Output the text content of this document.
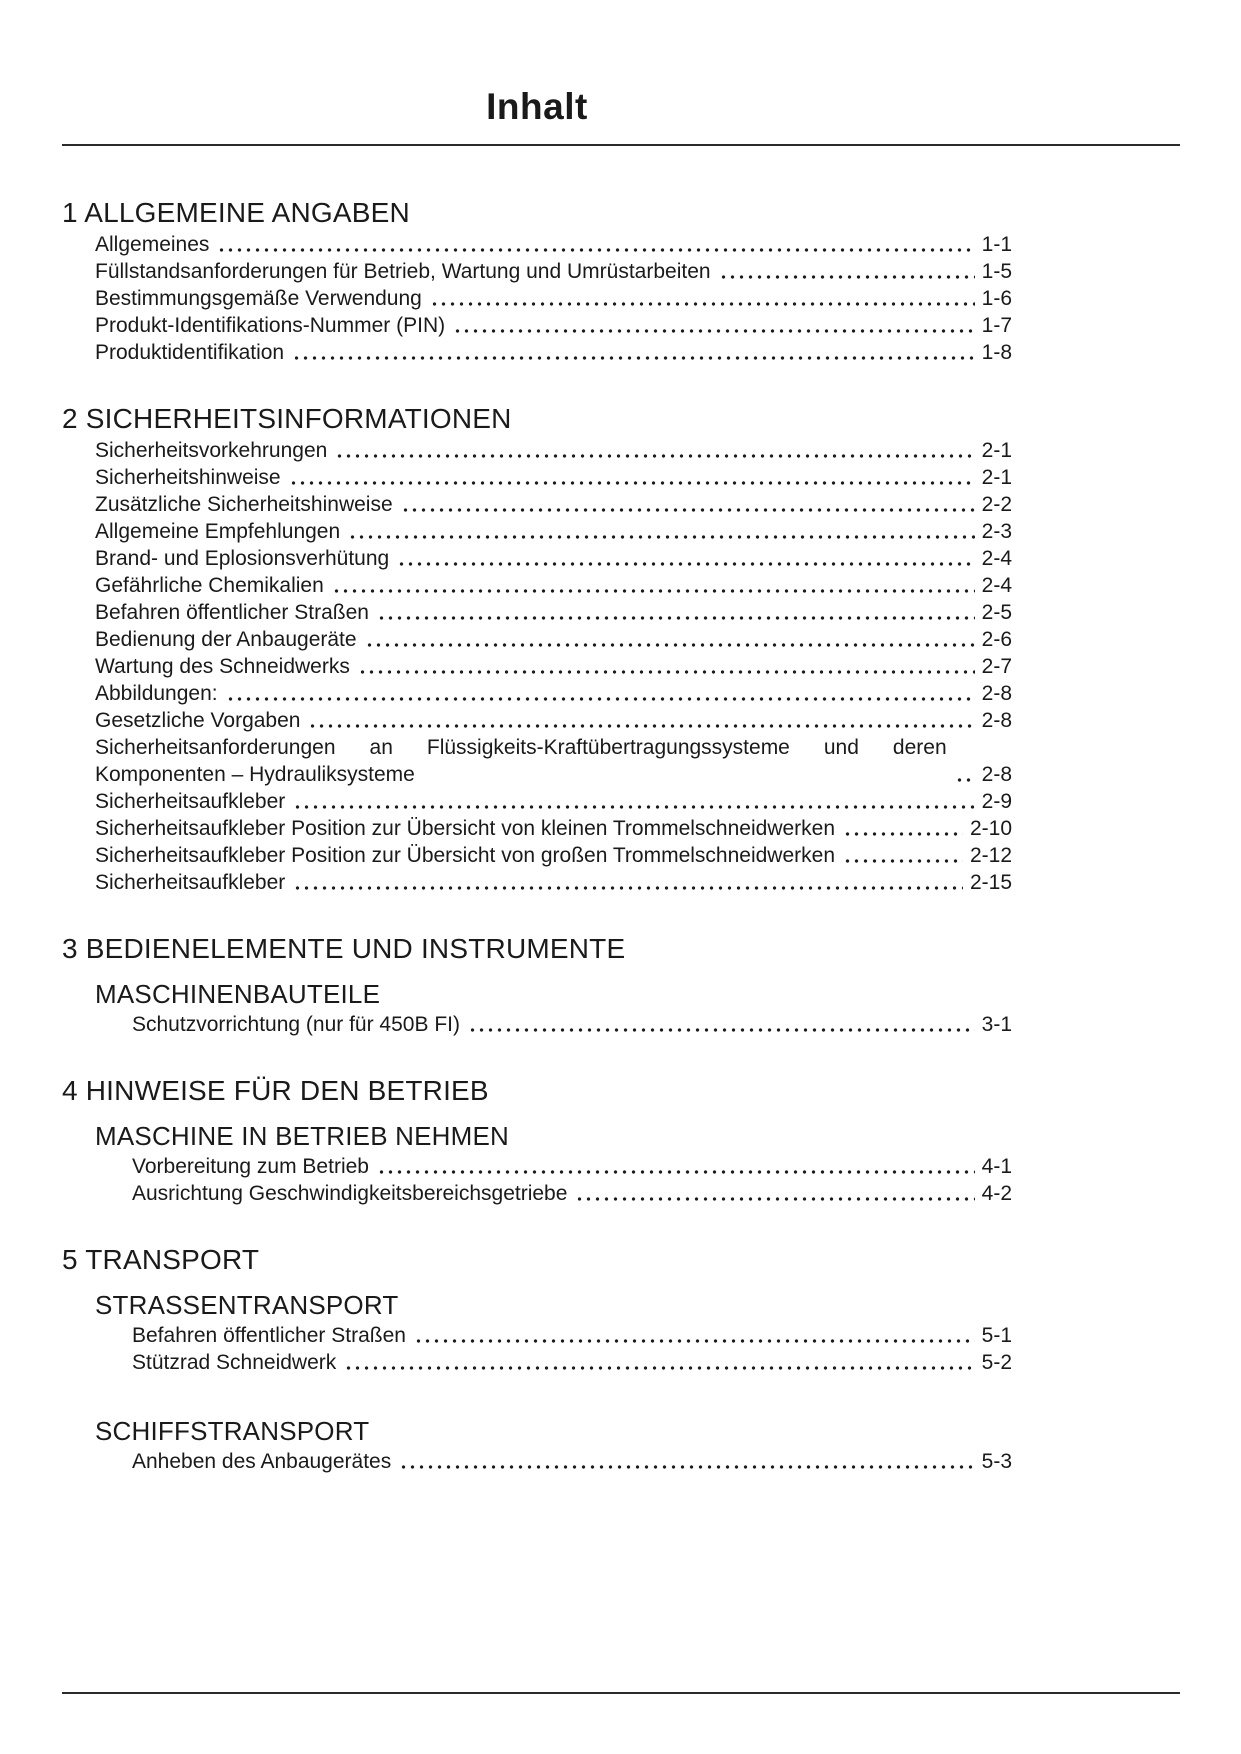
Inhalt
1 ALLGEMEINE ANGABEN
Allgemeines	1-1
Füllstandsanforderungen für Betrieb, Wartung und Umrüstarbeiten	1-5
Bestimmungsgemäße Verwendung	1-6
Produkt-Identifikations-Nummer (PIN)	1-7
Produktidentifikation	1-8
2 SICHERHEITSINFORMATIONEN
Sicherheitsvorkehrungen	2-1
Sicherheitshinweise	2-1
Zusätzliche Sicherheitshinweise	2-2
Allgemeine Empfehlungen	2-3
Brand- und Eplosionsverhütung	2-4
Gefährliche Chemikalien	2-4
Befahren öffentlicher Straßen	2-5
Bedienung der Anbaugeräte	2-6
Wartung des Schneidwerks	2-7
Abbildungen:	2-8
Gesetzliche Vorgaben	2-8
Sicherheitsanforderungen an Flüssigkeits-Kraftübertragungssysteme und deren Komponenten – Hydrauliksysteme	2-8
Sicherheitsaufkleber	2-9
Sicherheitsaufkleber Position zur Übersicht von kleinen Trommelschneidwerken	2-10
Sicherheitsaufkleber Position zur Übersicht von großen Trommelschneidwerken	2-12
Sicherheitsaufkleber	2-15
3 BEDIENELEMENTE UND INSTRUMENTE
MASCHINENBAUTEILE
Schutzvorrichtung (nur für 450B FI)	3-1
4 HINWEISE FÜR DEN BETRIEB
MASCHINE IN BETRIEB NEHMEN
Vorbereitung zum Betrieb	4-1
Ausrichtung Geschwindigkeitsbereichsgetriebe	4-2
5 TRANSPORT
STRASSENTRANSPORT
Befahren öffentlicher Straßen	5-1
Stützrad Schneidwerk	5-2
SCHIFFSTRANSPORT
Anheben des Anbaugerätes	5-3
